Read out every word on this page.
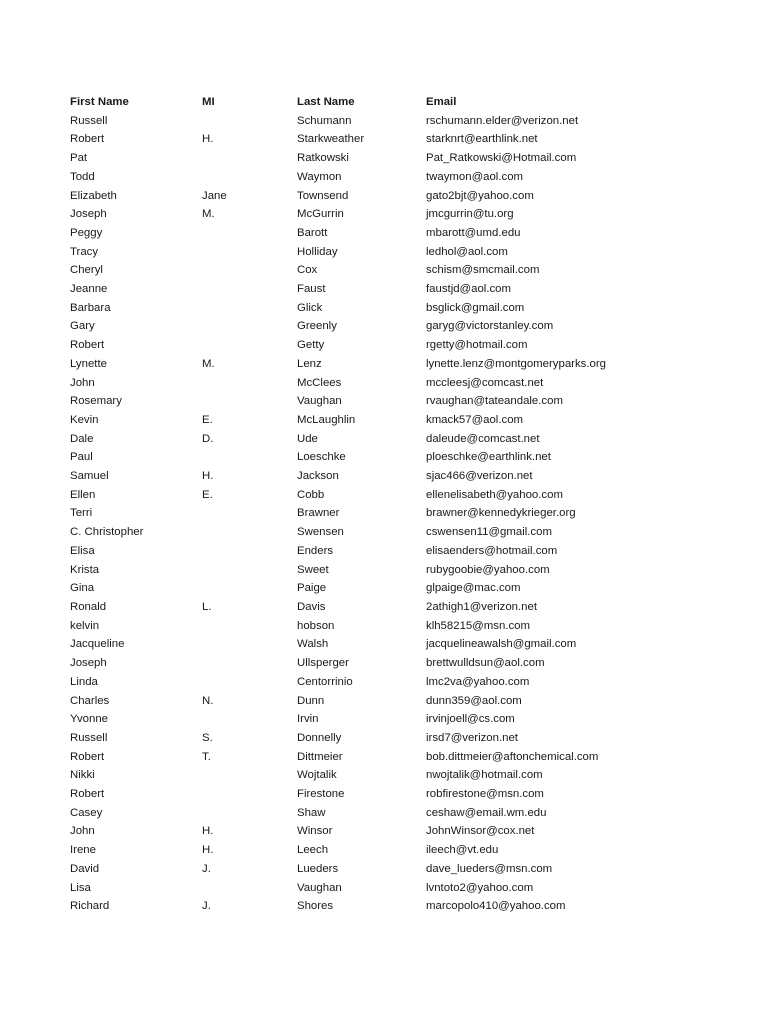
First Name	MI	Last Name	Email
Russell		Schumann	rschumann.elder@verizon.net
Robert	H.	Starkweather	starknrt@earthlink.net
Pat		Ratkowski	Pat_Ratkowski@Hotmail.com
Todd		Waymon	twaymon@aol.com
Elizabeth	Jane	Townsend	gato2bjt@yahoo.com
Joseph	M.	McGurrin	jmcgurrin@tu.org
Peggy		Barott	mbarott@umd.edu
Tracy		Holliday	ledhol@aol.com
Cheryl		Cox	schism@smcmail.com
Jeanne		Faust	faustjd@aol.com
Barbara		Glick	bsglick@gmail.com
Gary		Greenly	garyg@victorstanley.com
Robert		Getty	rgetty@hotmail.com
Lynette	M.	Lenz	lynette.lenz@montgomeryparks.org
John		McClees	mccleesj@comcast.net
Rosemary		Vaughan	rvaughan@tateandale.com
Kevin	E.	McLaughlin	kmack57@aol.com
Dale	D.	Ude	daleude@comcast.net
Paul		Loeschke	ploeschke@earthlink.net
Samuel	H.	Jackson	sjac466@verizon.net
Ellen	E.	Cobb	ellenelisabeth@yahoo.com
Terri		Brawner	brawner@kennedykrieger.org
C. Christopher		Swensen	cswensen11@gmail.com
Elisa		Enders	elisaenders@hotmail.com
Krista		Sweet	rubygoobie@yahoo.com
Gina		Paige	glpaige@mac.com
Ronald	L.	Davis	2athigh1@verizon.net
kelvin		hobson	klh58215@msn.com
Jacqueline		Walsh	jacquelineawalsh@gmail.com
Joseph		Ullsperger	brettwulldsun@aol.com
Linda		Centorrinio	lmc2va@yahoo.com
Charles	N.	Dunn	dunn359@aol.com
Yvonne		Irvin	irvinjoell@cs.com
Russell	S.	Donnelly	irsd7@verizon.net
Robert	T.	Dittmeier	bob.dittmeier@aftonchemical.com
Nikki		Wojtalik	nwojtalik@hotmail.com
Robert		Firestone	robfirestone@msn.com
Casey		Shaw	ceshaw@email.wm.edu
John	H.	Winsor	JohnWinsor@cox.net
Irene	H.	Leech	ileech@vt.edu
David	J.	Lueders	dave_lueders@msn.com
Lisa		Vaughan	lvntoto2@yahoo.com
Richard	J.	Shores	marcopolo410@yahoo.com
